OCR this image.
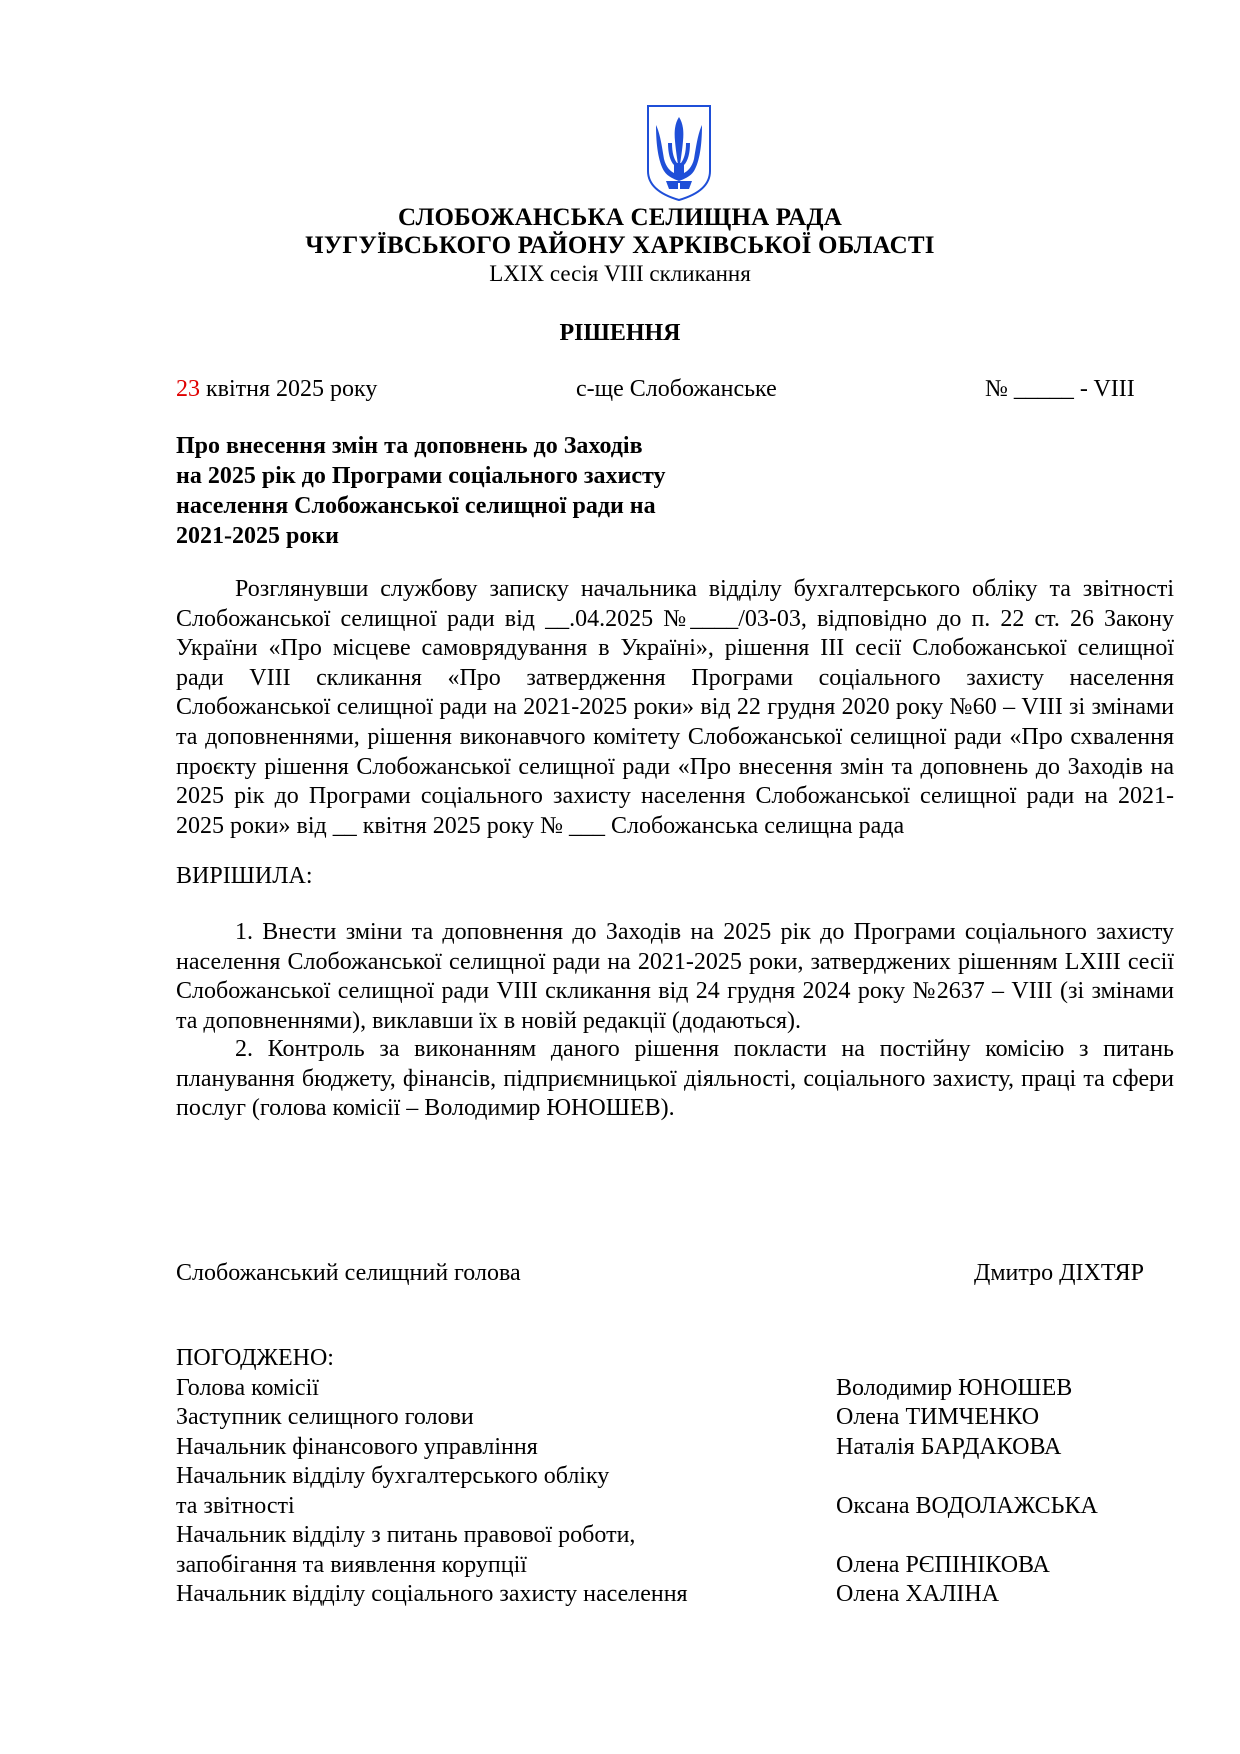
СЛОБОЖАНСЬКА СЕЛИЩНА РАДА
ЧУГУЇВСЬКОГО РАЙОНУ ХАРКІВСЬКОЇ ОБЛАСТІ
LXIX сесія VIII скликання
РІШЕННЯ
23 квітня 2025 року	с-ще Слобожанське	№ _____ - VIII
Про внесення змін та доповнень до Заходів
на 2025 рік до Програми соціального захисту
населення Слобожанської селищної ради на
2021-2025 роки
Розглянувши службову записку начальника відділу бухгалтерського обліку та звітності Слобожанської селищної ради від __.04.2025 №____/03-03, відповідно до п. 22 ст. 26 Закону України «Про місцеве самоврядування в Україні», рішення ІІІ сесії Слобожанської селищної ради VIII скликання «Про затвердження Програми соціального захисту населення Слобожанської селищної ради на 2021-2025 роки» від 22 грудня 2020 року №60 – VIII зі змінами та доповненнями, рішення виконавчого комітету Слобожанської селищної ради «Про схвалення проєкту рішення Слобожанської селищної ради «Про внесення змін та доповнень до Заходів на 2025 рік до Програми соціального захисту населення Слобожанської селищної ради на 2021-2025 роки» від __ квітня 2025 року № ___ Слобожанська селищна рада
ВИРІШИЛА:
1. Внести зміни та доповнення до Заходів на 2025 рік до Програми соціального захисту населення Слобожанської селищної ради на 2021-2025 роки, затверджених рішенням LXIII сесії Слобожанської селищної ради VIII скликання від 24 грудня 2024 року №2637 – VIII (зі змінами та доповненнями), виклавши їх в новій редакції (додаються).
2. Контроль за виконанням даного рішення покласти на постійну комісію з питань планування бюджету, фінансів, підприємницької діяльності, соціального захисту, праці та сфери послуг (голова комісії – Володимир ЮНОШЕВ).
Слобожанський селищний голова	Дмитро ДІХТЯР
ПОГОДЖЕНО:
Голова комісії	Володимир ЮНОШЕВ
Заступник селищного голови	Олена ТИМЧЕНКО
Начальник фінансового управління	Наталія БАРДАКОВА
Начальник відділу бухгалтерського обліку
та звітності	Оксана ВОДОЛАЖСЬКА
Начальник відділу з питань правової роботи,
запобігання та виявлення корупції	Олена РЄПІНІКОВА
Начальник відділу соціального захисту населення	Олена ХАЛІНА
